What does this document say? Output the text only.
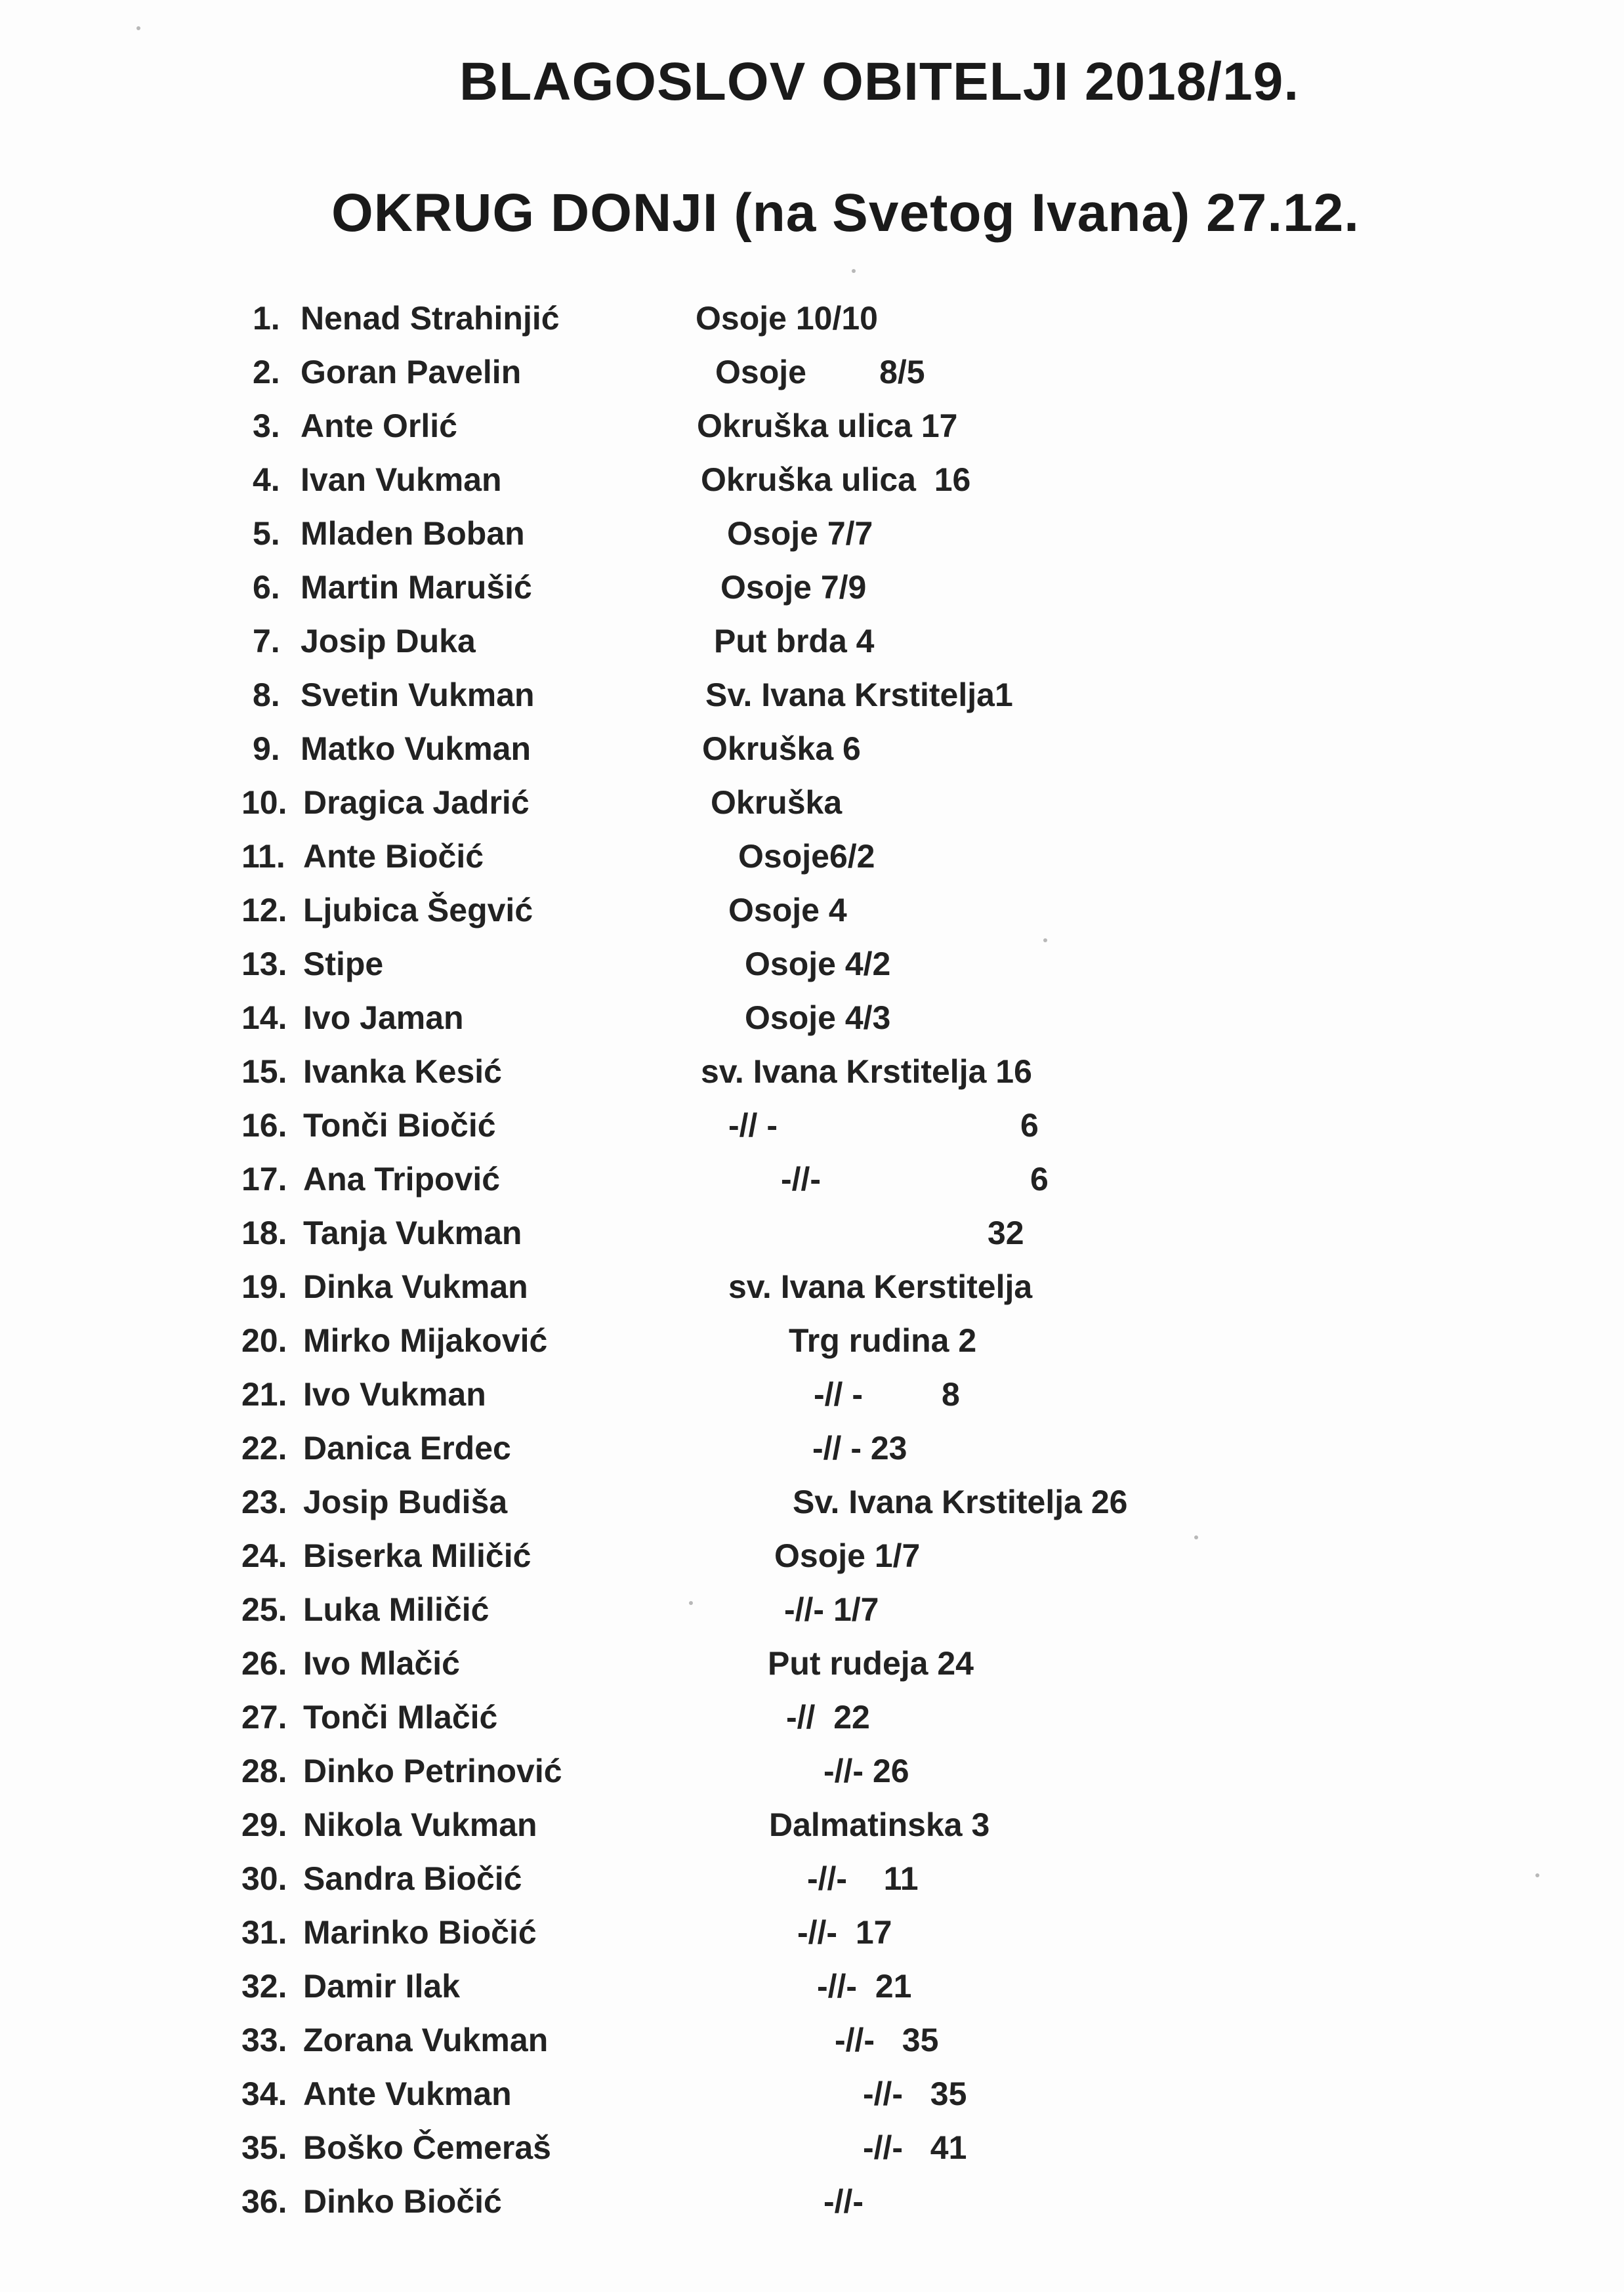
BLAGOSLOV OBITELJI 2018/19.
OKRUG DONJI (na Svetog Ivana) 27.12.
1. Nenad Strahinjić	Osoje 10/10
2. Goran Pavelin	Osoje        8/5
3. Ante Orlić	Okruška ulica 17
4. Ivan Vukman	Okruška ulica  16
5. Mladen Boban	Osoje 7/7
6. Martin Marušić	Osoje 7/9
7. Josip Duka	Put brda 4
8. Svetin Vukman	Sv. Ivana Krstitelja1
9. Matko Vukman	Okruška 6
10. Dragica Jadrić	Okruška
11. Ante Biočić	Osoje6/2
12. Ljubica Šegvić	Osoje 4
13. Stipe	Osoje 4/2
14. Ivo Jaman	Osoje 4/3
15. Ivanka Kesić	sv. Ivana Krstitelja 16
16. Tonči Biočić	-// -	6
17. Ana Tripović	-//-	6
18. Tanja Vukman	32
19. Dinka Vukman	sv. Ivana Kerstitelja
20. Mirko Mijaković	Trg rudina 2
21. Ivo Vukman	-// - 8
22. Danica Erdec	-// - 23
23. Josip Budiša	Sv. Ivana Krstitelja 26
24. Biserka Miličić	Osoje 1/7
25. Luka Miličić	-//- 1/7
26. Ivo Mlačić	Put rudeja 24
27. Tonči Mlačić	-//  22
28. Dinko Petrinović	-//- 26
29. Nikola Vukman	Dalmatinska 3
30. Sandra Biočić	-//-    11
31. Marinko Biočić	-//-  17
32. Damir Ilak	-//-  21
33. Zorana Vukman	-//-   35
34. Ante Vukman	-//-   35
35. Boško Čemeraš	-//-   41
36. Dinko Biočić	-//-
